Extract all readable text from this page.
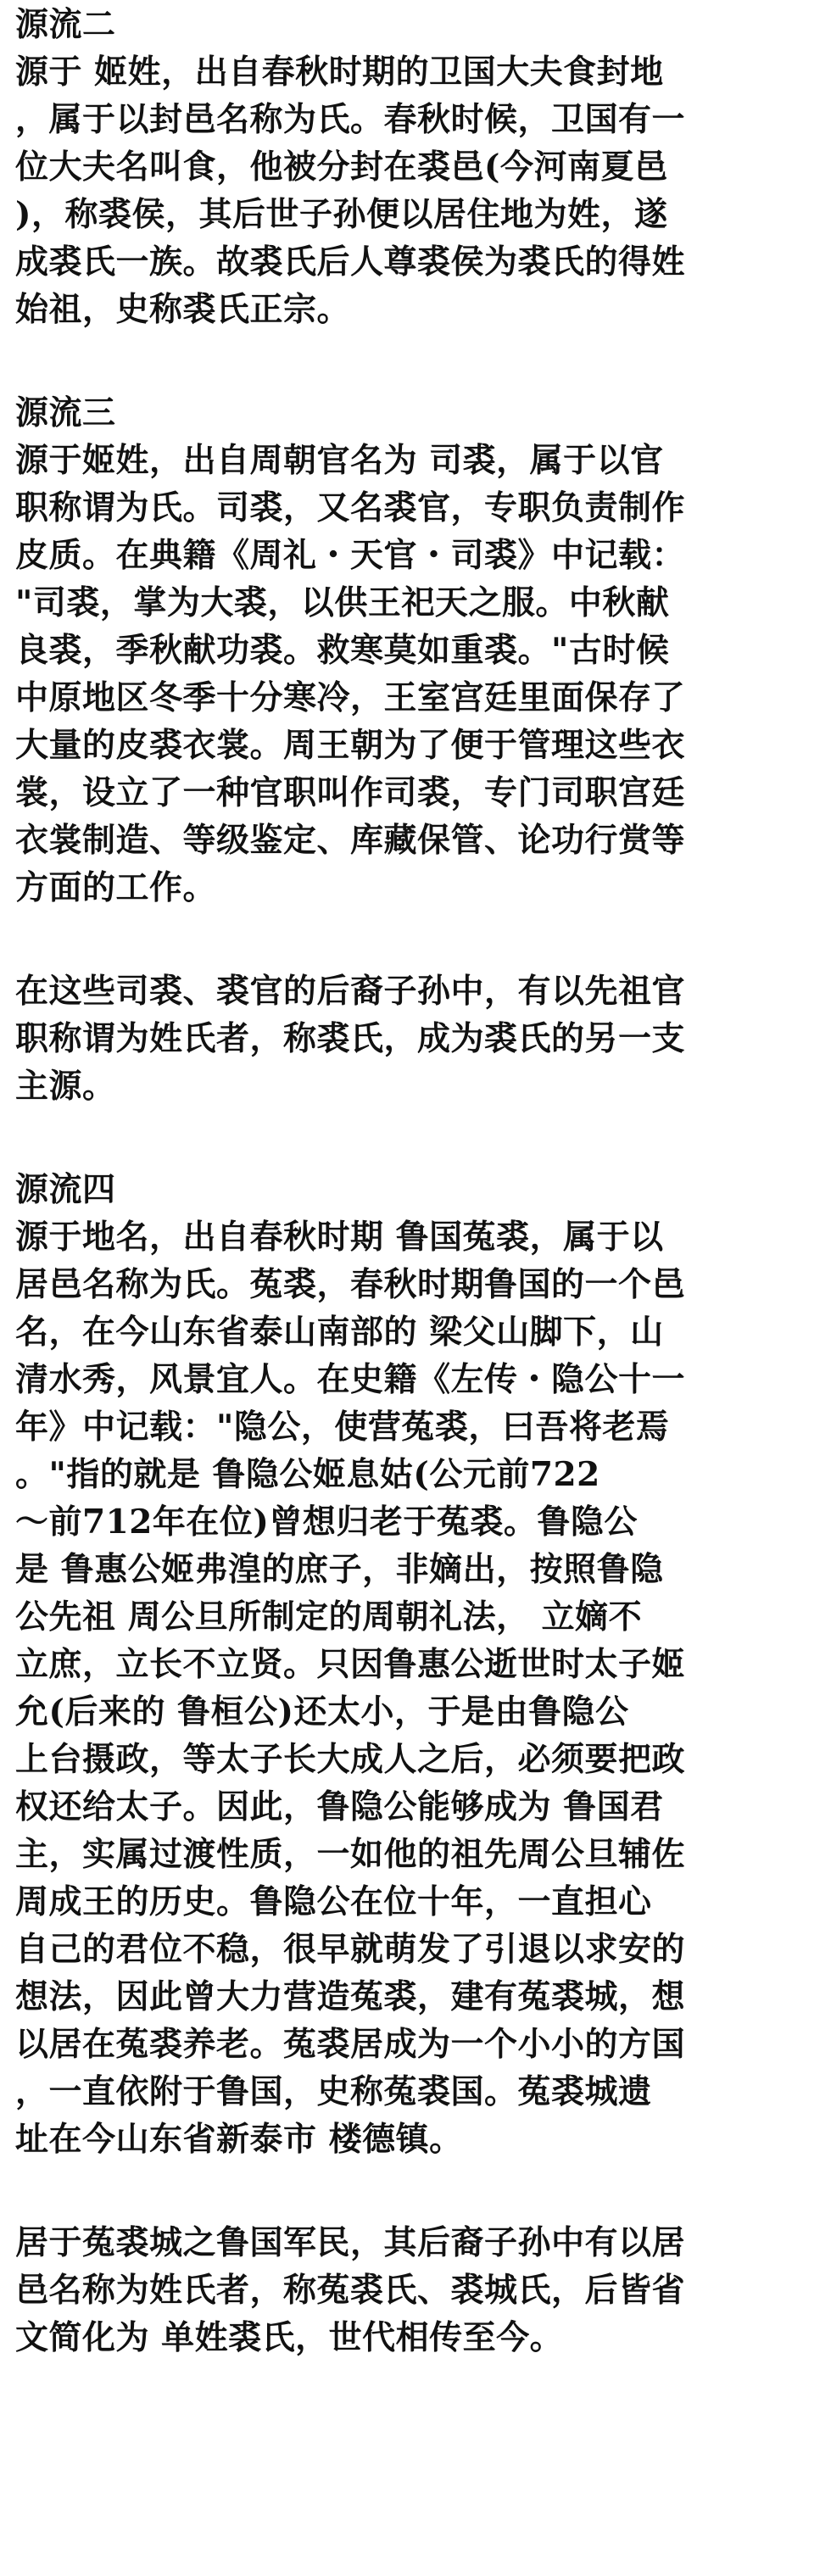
源流二
源于 姬姓，出自春秋时期的卫国大夫食封地
，属于以封邑名称为氏。春秋时候，卫国有一
位大夫名叫食，他被分封在裘邑(今河南夏邑
)，称裘侯，其后世子孙便以居住地为姓，遂
成裘氏一族。故裘氏后人尊裘侯为裘氏的得姓
始祖，史称裘氏正宗。
源流三
源于姬姓，出自周朝官名为 司裘，属于以官
职称谓为氏。司裘，又名裘官，专职负责制作
皮质。在典籍《周礼・天官・司裘》中记载：
"司裘，掌为大裘，以供王祀天之服。中秋献
良裘，季秋献功裘。救寒莫如重裘。"古时候
中原地区冬季十分寒冷，王室宫廷里面保存了
大量的皮裘衣裳。周王朝为了便于管理这些衣
裳，设立了一种官职叫作司裘，专门司职宫廷
衣裳制造、等级鉴定、库藏保管、论功行赏等
方面的工作。
在这些司裘、裘官的后裔子孙中，有以先祖官
职称谓为姓氏者，称裘氏，成为裘氏的另一支
主源。
源流四
源于地名，出自春秋时期 鲁国菟裘，属于以
居邑名称为氏。菟裘，春秋时期鲁国的一个邑
名，在今山东省泰山南部的 梁父山脚下，山
清水秀，风景宜人。在史籍《左传・隐公十一
年》中记载："隐公，使营菟裘，曰吾将老焉
。"指的就是 鲁隐公姬息姑(公元前722
～前712年在位)曾想归老于菟裘。鲁隐公
是 鲁惠公姬弗湟的庶子，非嫡出，按照鲁隐
公先祖 周公旦所制定的周朝礼法， 立嫡不
立庶，立长不立贤。只因鲁惠公逝世时太子姬
允(后来的 鲁桓公)还太小，于是由鲁隐公
上台摄政，等太子长大成人之后，必须要把政
权还给太子。因此，鲁隐公能够成为 鲁国君
主，实属过渡性质，一如他的祖先周公旦辅佐
周成王的历史。鲁隐公在位十年，一直担心
自己的君位不稳，很早就萌发了引退以求安的
想法，因此曾大力营造菟裘，建有菟裘城，想
以居在菟裘养老。菟裘居成为一个小小的方国
，一直依附于鲁国，史称菟裘国。菟裘城遗
址在今山东省新泰市 楼德镇。
居于菟裘城之鲁国军民，其后裔子孙中有以居
邑名称为姓氏者，称菟裘氏、裘城氏，后皆省
文简化为 单姓裘氏，世代相传至今。
